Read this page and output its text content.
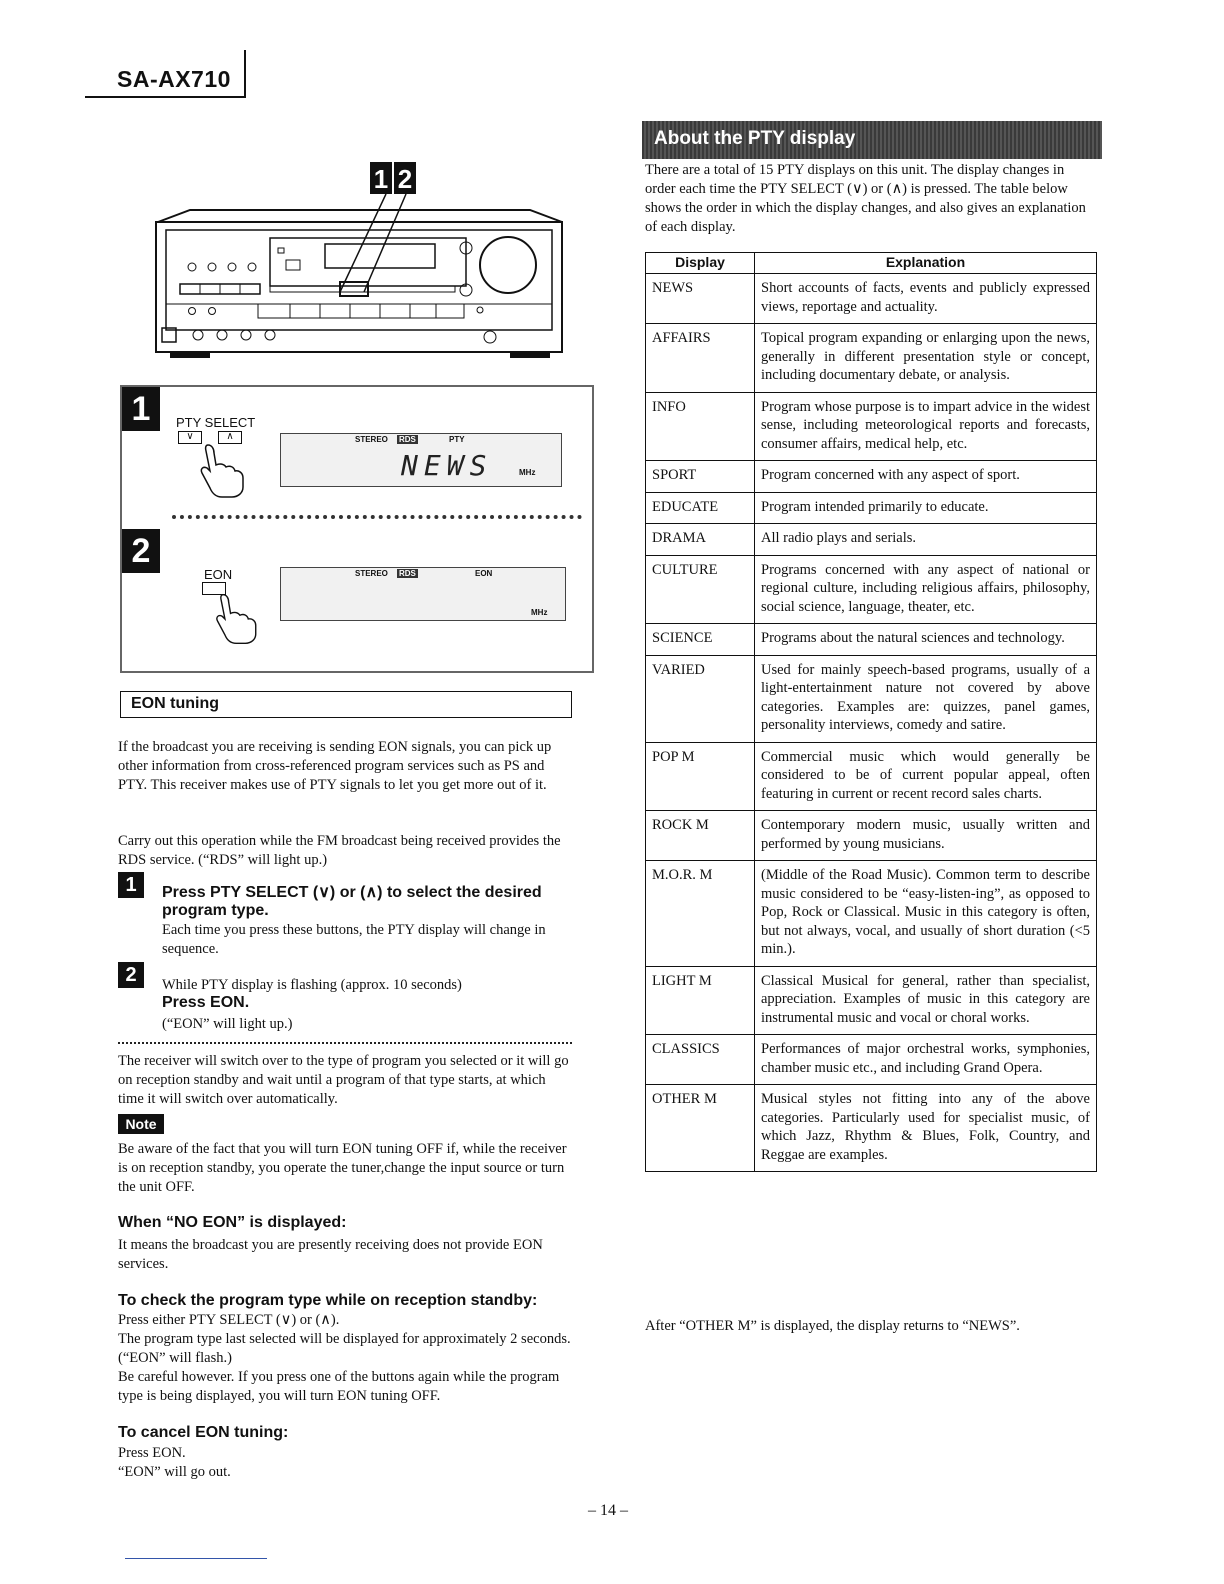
SA-AX710
1 2
1	PTY SELECT
∨	∧	STEREO RDS	PTY
NEWS	MHz
2
EON	STEREO RDS	EON
MHz
EON tuning
If the broadcast you are receiving is sending EON signals, you can pick up other information from cross-referenced program services such as PS and PTY. This receiver makes use of PTY signals to let you get more out of it.
Carry out this operation while the FM broadcast being received provides the RDS service. (“RDS” will light up.)
1	Press PTY SELECT (∨) or (∧) to select the desired program type.
Each time you press these buttons, the PTY display will change in sequence.
2	While PTY display is flashing (approx. 10 seconds)
Press EON.
(“EON” will light up.)
The receiver will switch over to the type of program you selected or it will go on reception standby and wait until a program of that type starts, at which time it will switch over automatically.
Note
Be aware of the fact that you will turn EON tuning OFF if, while the receiver is on reception standby, you operate the tuner,change the input source or turn the unit OFF.
When “NO EON” is displayed:
It means the broadcast you are presently receiving does not provide EON services.
To check the program type while on reception standby:
Press either PTY SELECT (∨) or (∧).
The program type last selected will be displayed for approximately 2 seconds. (“EON” will flash.)
Be careful however. If you press one of the buttons again while the program type is being displayed, you will turn EON tuning OFF.
To cancel EON tuning:
Press EON.
“EON” will go out.
About the PTY display
There are a total of 15 PTY displays on this unit. The display changes in order each time the PTY SELECT (∨) or (∧) is pressed. The table below shows the order in which the display changes, and also gives an explanation of each display.
Display	Explanation
NEWS	Short accounts of facts, events and publicly expressed views, reportage and actuality.
AFFAIRS	Topical program expanding or enlarging upon the news, generally in different presentation style or concept, including documentary debate, or analysis.
INFO	Program whose purpose is to impart advice in the widest sense, including meteorological reports and forecasts, consumer affairs, medical help, etc.
SPORT	Program concerned with any aspect of sport.
EDUCATE	Program intended primarily to educate.
DRAMA	All radio plays and serials.
CULTURE	Programs concerned with any aspect of national or regional culture, including religious affairs, philosophy, social science, language, theater, etc.
SCIENCE	Programs about the natural sciences and technology.
VARIED	Used for mainly speech-based programs, usually of a light-entertainment nature not covered by above categories. Examples are: quizzes, panel games, personality interviews, comedy and satire.
POP M	Commercial music which would generally be considered to be of current popular appeal, often featuring in current or recent record sales charts.
ROCK M	Contemporary modern music, usually written and performed by young musicians.
M.O.R. M	(Middle of the Road Music). Common term to describe music considered to be “easy-listen-ing”, as opposed to Pop, Rock or Classical. Music in this category is often, but not always, vocal, and usually of short duration (<5 min.).
LIGHT M	Classical Musical for general, rather than specialist, appreciation. Examples of music in this category are instrumental music and vocal or choral works.
CLASSICS	Performances of major orchestral works, symphonies, chamber music etc., and including Grand Opera.
OTHER M	Musical styles not fitting into any of the above categories. Particularly used for specialist music, of which Jazz, Rhythm & Blues, Folk, Country, and Reggae are examples.
After “OTHER M” is displayed, the display returns to “NEWS”.
– 14 –
